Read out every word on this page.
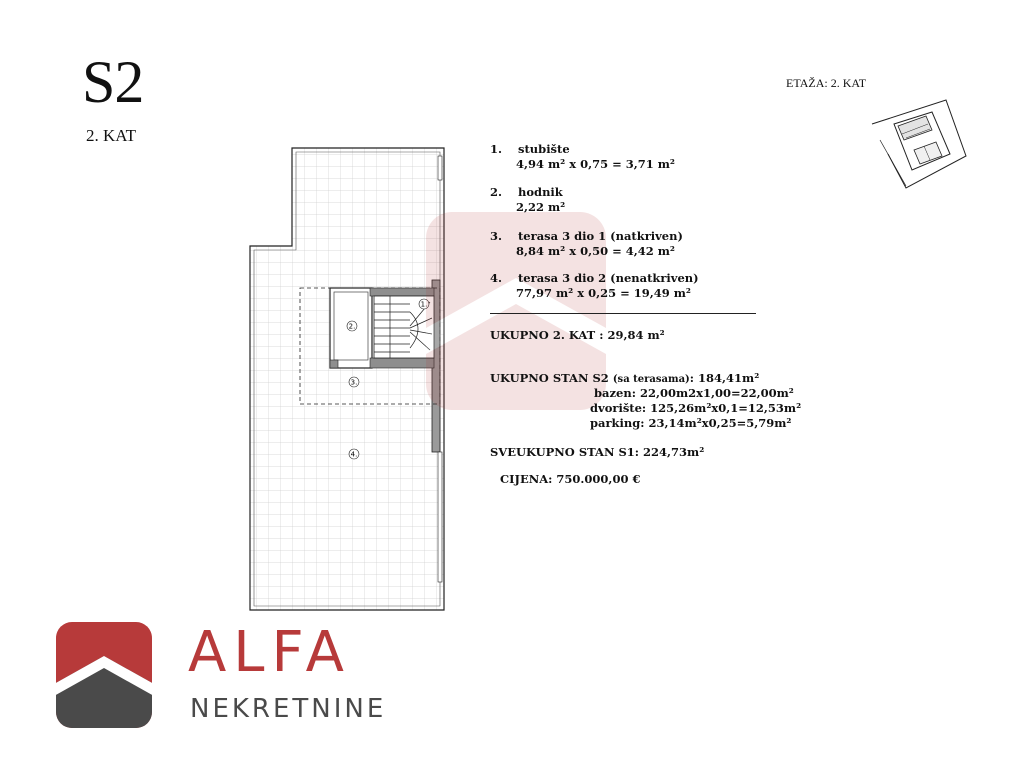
S2
2. KAT
ETAŽA: 2. KAT
1.
2.
3.
4.
1. stubište
4,94 m² x 0,75 = 3,71 m²
2. hodnik
2,22 m²
3. terasa 3 dio 1 (natkriven)
8,84 m² x 0,50 = 4,42 m²
4. terasa 3 dio 2 (nenatkriven)
77,97 m² x 0,25 = 19,49 m²
UKUPNO 2. KAT : 29,84 m²
UKUPNO STAN S2 (sa terasama): 184,41m²
bazen: 22,00m2x1,00=22,00m²
dvorište: 125,26m²x0,1=12,53m²
parking: 23,14m²x0,25=5,79m²
SVEUKUPNO STAN S1: 224,73m²
CIJENA: 750.000,00 €
ALFA
NEKRETNINE
